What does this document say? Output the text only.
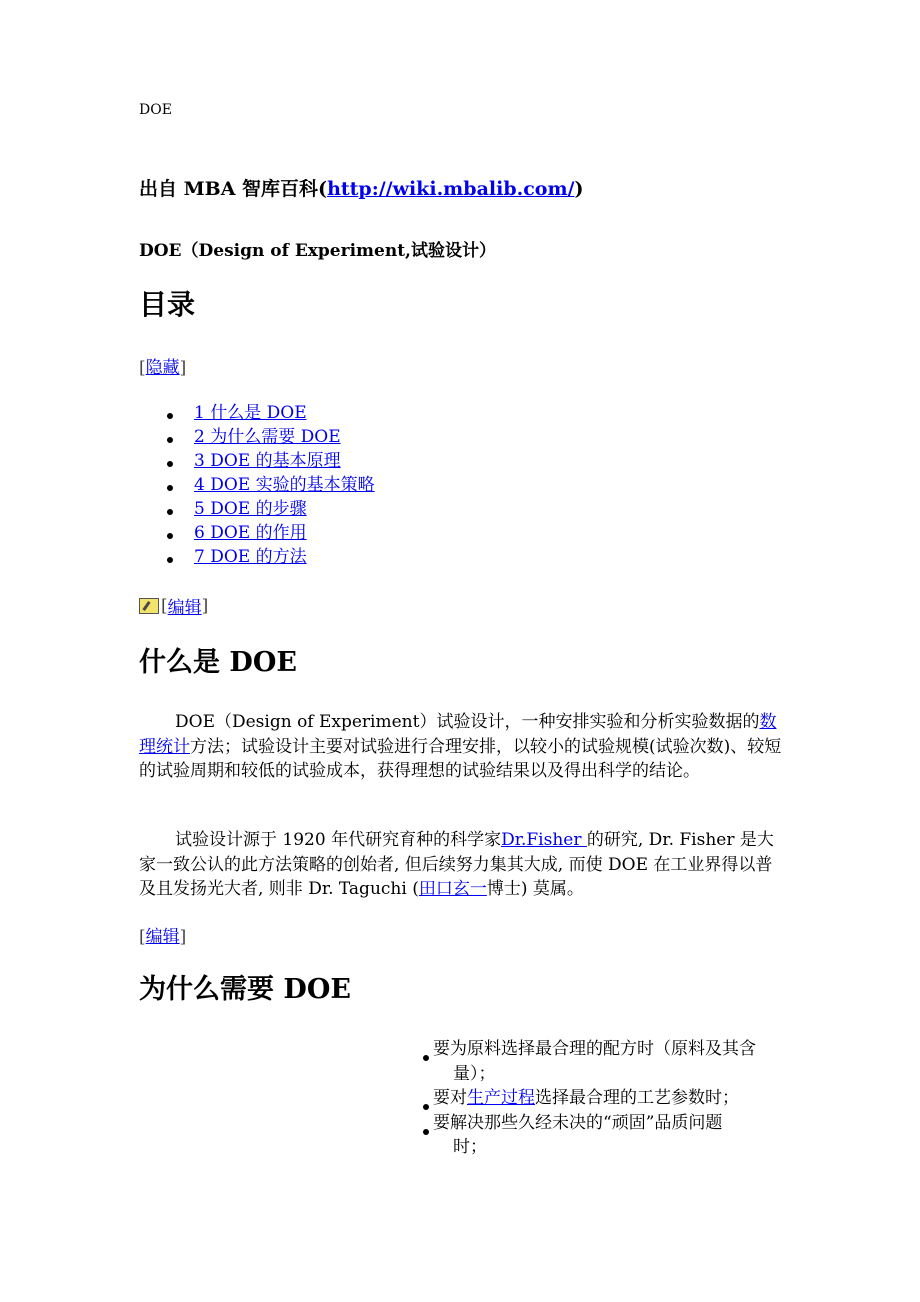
DOE
出自 MBA 智库百科(http://wiki.mbalib.com/)
DOE（Design of Experiment,试验设计）
目录
[隐藏]
1 什么是 DOE
2 为什么需要 DOE
3 DOE 的基本原理
4 DOE 实验的基本策略
5 DOE 的步骤
6 DOE 的作用
7 DOE 的方法
[ 编辑 ]
什么是 DOE

DOE（Design of Experiment）试验设计，一种安排实验和分析实验数据的数理统计方法；试验设计主要对试验进行合理安排，以较小的试验规模(试验次数)、较短的试验周期和较低的试验成本，获得理想的试验结果以及得出科学的结论。

试验设计源于 1920 年代研究育种的科学家Dr.Fisher 的研究, Dr. Fisher 是大家一致公认的此方法策略的创始者, 但后续努力集其大成, 而使 DOE 在工业界得以普及且发扬光大者, 则非 Dr. Taguchi (田口玄一博士) 莫属。

[编辑]
为什么需要 DOE
要为原料选择最合理的配方时（原料及其含
量）；
要对生产过程选择最合理的工艺参数时；
要解决那些久经未决的“顽固”品质问题
时；
